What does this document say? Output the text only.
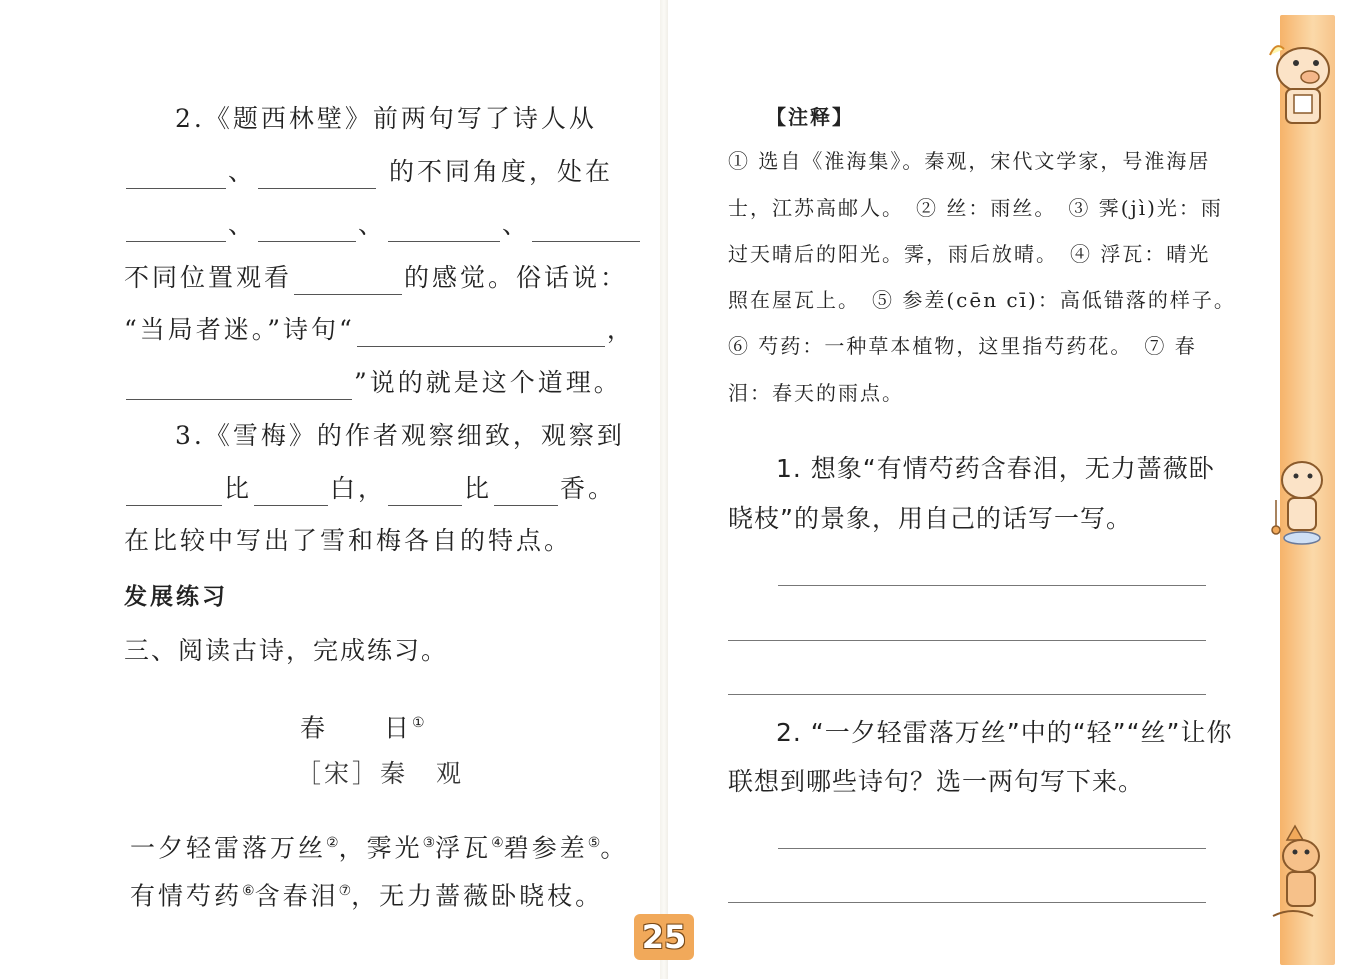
2.《题西林壁》前两句写了诗人从
、	的不同角度，处在
、	、	、
不同位置观看	的感觉。俗话说：
“当局者迷。”诗句“	，
”说的就是这个道理。
3.《雪梅》的作者观察细致，观察到
比	白，	比	香。
在比较中写出了雪和梅各自的特点。
发展练习
三、阅读古诗，完成练习。
春　　日①
［宋］秦　观
一夕轻雷落万丝②，霁光③浮瓦④碧参差⑤。
有情芍药⑥含春泪⑦，无力蔷薇卧晓枝。
25
【注释】
① 选自《淮海集》。秦观，宋代文学家，号淮海居
士，江苏高邮人。　② 丝：雨丝。　③ 霁(jì)光：雨
过天晴后的阳光。霁，雨后放晴。　④ 浮瓦：晴光
照在屋瓦上。　⑤ 参差(cēn cī)：高低错落的样子。
⑥ 芍药：一种草本植物，这里指芍药花。　⑦ 春
泪：春天的雨点。
1. 想象“有情芍药含春泪，无力蔷薇卧
晓枝”的景象，用自己的话写一写。
2. “一夕轻雷落万丝”中的“轻”“丝”让你
联想到哪些诗句？选一两句写下来。
